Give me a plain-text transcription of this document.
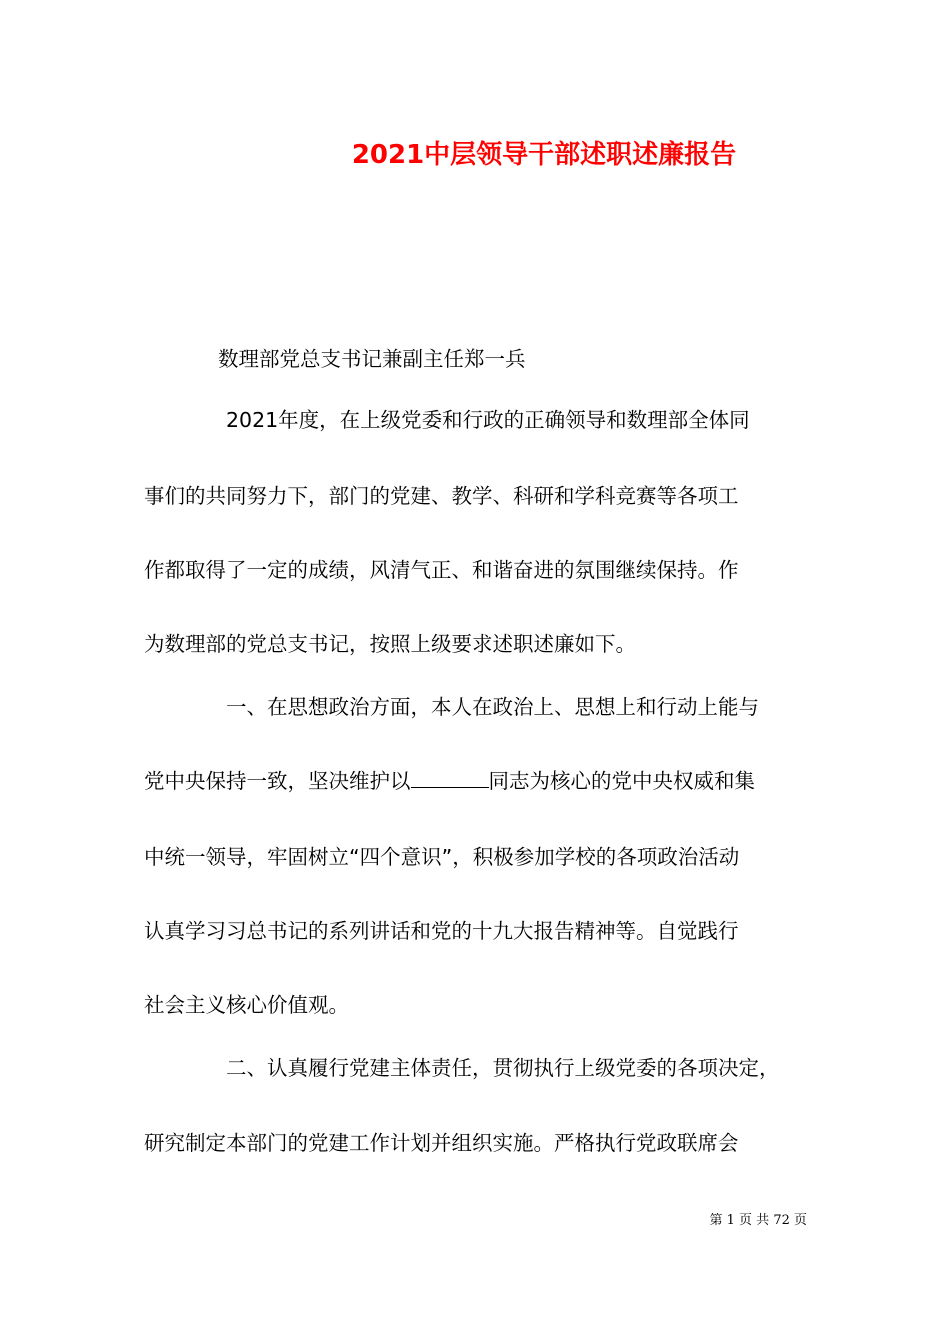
2021中层领导干部述职述廉报告
数理部党总支书记兼副主任郑一兵
2021年度，在上级党委和行政的正确领导和数理部全体同
事们的共同努力下，部门的党建、教学、科研和学科竞赛等各项工
作都取得了一定的成绩，风清气正、和谐奋进的氛围继续保持。作
为数理部的党总支书记，按照上级要求述职述廉如下。
一、在思想政治方面，本人在政治上、思想上和行动上能与
党中央保持一致，坚决维护以	同志为核心的党中央权威和集
中统一领导，牢固树立“四个意识”，积极参加学校的各项政治活动
认真学习习总书记的系列讲话和党的十九大报告精神等。自觉践行
社会主义核心价值观。
二、认真履行党建主体责任，贯彻执行上级党委的各项决定，
研究制定本部门的党建工作计划并组织实施。严格执行党政联席会
第 1 页 共 72 页
